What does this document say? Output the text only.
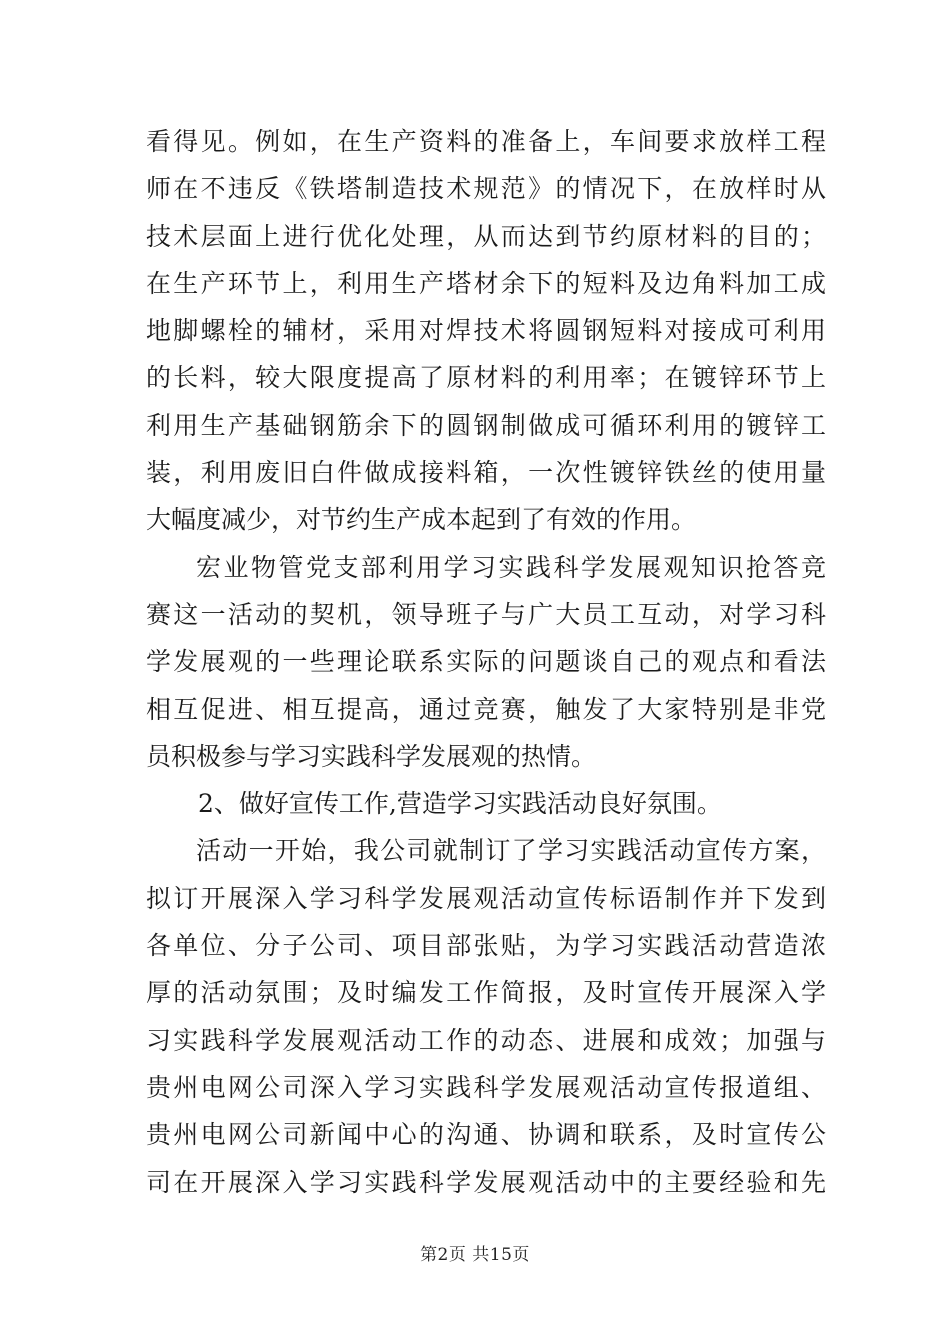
看得见。例如，在生产资料的准备上，车间要求放样工程
师在不违反《铁塔制造技术规范》的情况下，在放样时从
技术层面上进行优化处理，从而达到节约原材料的目的；
在生产环节上，利用生产塔材余下的短料及边角料加工成
地脚螺栓的辅材，采用对焊技术将圆钢短料对接成可利用
的长料，较大限度提高了原材料的利用率；在镀锌环节上
利用生产基础钢筋余下的圆钢制做成可循环利用的镀锌工
装，利用废旧白件做成接料箱，一次性镀锌铁丝的使用量
大幅度减少，对节约生产成本起到了有效的作用。
宏业物管党支部利用学习实践科学发展观知识抢答竞
赛这一活动的契机，领导班子与广大员工互动，对学习科
学发展观的一些理论联系实际的问题谈自己的观点和看法
相互促进、相互提高，通过竞赛，触发了大家特别是非党
员积极参与学习实践科学发展观的热情。
2、做好宣传工作,营造学习实践活动良好氛围。
活动一开始，我公司就制订了学习实践活动宣传方案，
拟订开展深入学习科学发展观活动宣传标语制作并下发到
各单位、分子公司、项目部张贴，为学习实践活动营造浓
厚的活动氛围；及时编发工作简报，及时宣传开展深入学
习实践科学发展观活动工作的动态、进展和成效；加强与
贵州电网公司深入学习实践科学发展观活动宣传报道组、
贵州电网公司新闻中心的沟通、协调和联系，及时宣传公
司在开展深入学习实践科学发展观活动中的主要经验和先
第2页 共15页
